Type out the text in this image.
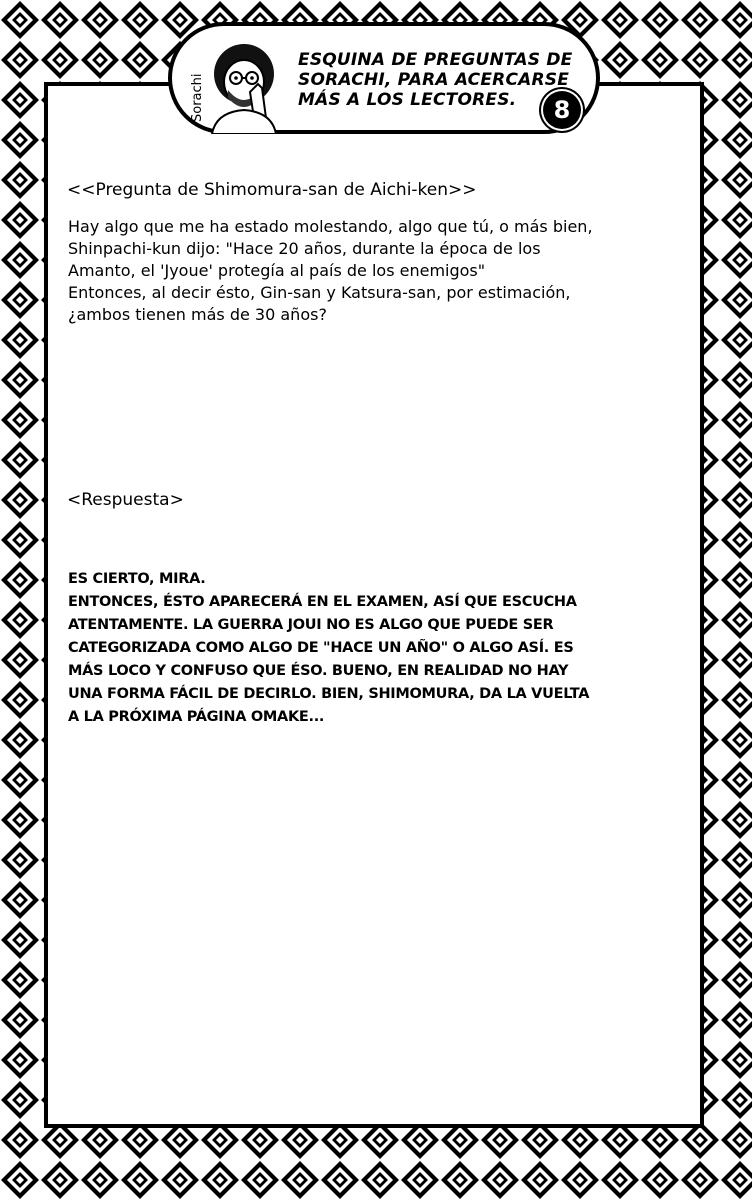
Sorachi
ESQUINA DE PREGUNTAS DE
SORACHI, PARA ACERCARSE
MÁS A LOS LECTORES.	8
<<Pregunta de Shimomura-san de Aichi-ken>>
Hay algo que me ha estado molestando, algo que tú, o más bien,
Shinpachi-kun dijo: "Hace 20 años, durante la época de los
Amanto, el 'Jyoue' protegía al país de los enemigos"
Entonces, al decir ésto, Gin-san y Katsura-san, por estimación,
¿ambos tienen más de 30 años?
<Respuesta>
ES CIERTO, MIRA.
ENTONCES, ÉSTO APARECERÁ EN EL EXAMEN, ASÍ QUE ESCUCHA
ATENTAMENTE. LA GUERRA JOUI NO ES ALGO QUE PUEDE SER
CATEGORIZADA COMO ALGO DE "HACE UN AÑO" O ALGO ASÍ. ES
MÁS LOCO Y CONFUSO QUE ÉSO. BUENO, EN REALIDAD NO HAY
UNA FORMA FÁCIL DE DECIRLO. BIEN, SHIMOMURA, DA LA VUELTA
A LA PRÓXIMA PÁGINA OMAKE...
